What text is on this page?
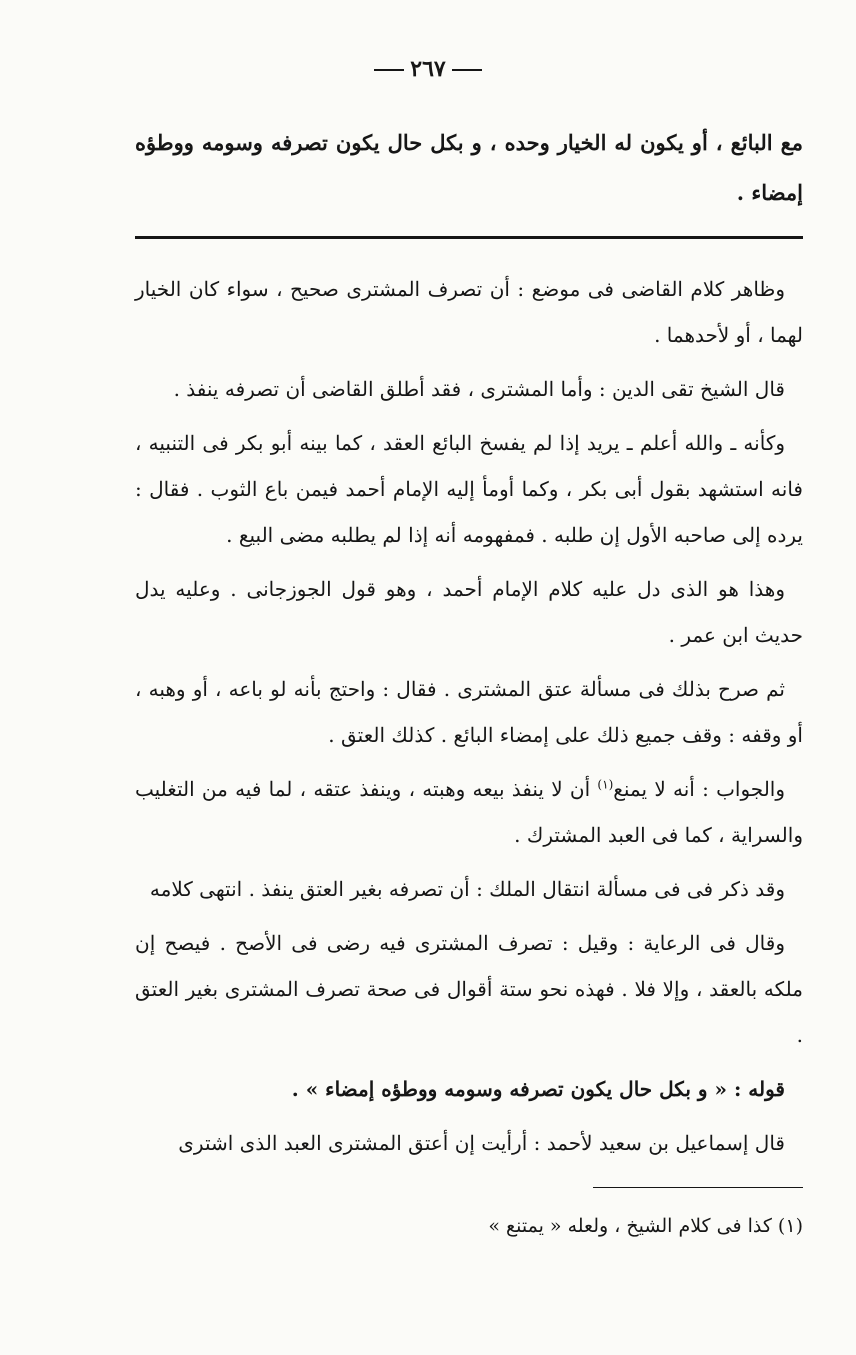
٢٦٧
مع البائع ، أو يكون له الخيار وحده ، و بكل حال يكون تصرفه وسومه ووطؤه إمضاء .

وظاهر كلام القاضى فى موضع : أن تصرف المشترى صحيح ، سواء كان الخيار لهما ، أو لأحدهما .

قال الشيخ تقى الدين : وأما المشترى ، فقد أطلق القاضى أن تصرفه ينفذ .

وكأنه ـ والله أعلم ـ يريد إذا لم يفسخ البائع العقد ، كما بينه أبو بكر فى التنبيه ، فانه استشهد بقول أبى بكر ، وكما أومأ إليه الإمام أحمد فيمن باع الثوب . فقال : يرده إلى صاحبه الأول إن طلبه . فمفهومه أنه إذا لم يطلبه مضى البيع .

وهذا هو الذى دل عليه كلام الإمام أحمد ، وهو قول الجوزجانى . وعليه يدل حديث ابن عمر .

ثم صرح بذلك فى مسألة عتق المشترى . فقال : واحتج بأنه لو باعه ، أو وهبه ، أو وقفه : وقف جميع ذلك على إمضاء البائع . كذلك العتق .

والجواب : أنه لا يمنع$^{(١)}$ أن لا ينفذ بيعه وهبته ، وينفذ عتقه ، لما فيه من التغليب والسراية ، كما فى العبد المشترك .

وقد ذكر فى فى مسألة انتقال الملك : أن تصرفه بغير العتق ينفذ . انتهى كلامه

وقال فى الرعاية : وقيل : تصرف المشترى فيه رضى فى الأصح . فيصح إن ملكه بالعقد ، وإلا فلا . فهذه نحو ستة أقوال فى صحة تصرف المشترى بغير العتق .

قوله : « و بكل حال يكون تصرفه وسومه ووطؤه إمضاء » .

قال إسماعيل بن سعيد لأحمد : أرأيت إن أعتق المشترى العبد الذى اشترى

(١) كذا فى كلام الشيخ ، ولعله « يمتنع »
